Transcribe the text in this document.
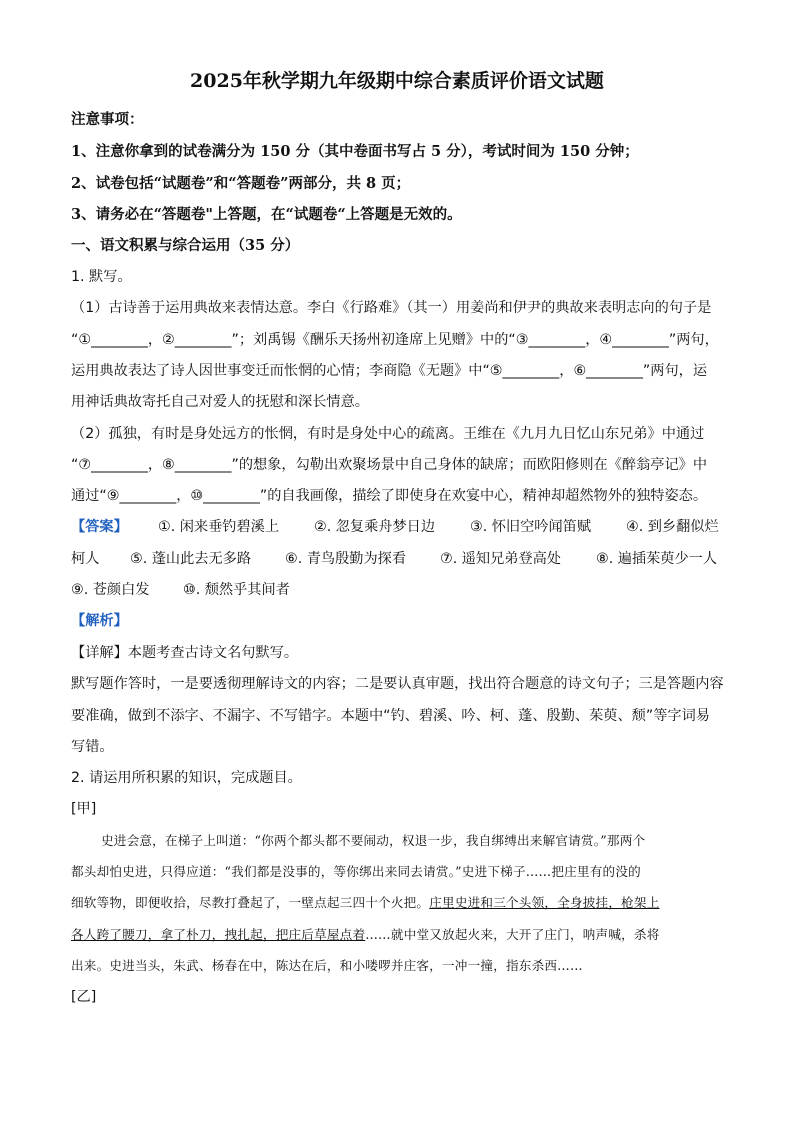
2025年秋学期九年级期中综合素质评价语文试题
注意事项：
1、注意你拿到的试卷满分为 150 分（其中卷面书写占 5 分），考试时间为 150 分钟；
2、试卷包括“试题卷”和“答题卷”两部分，共 8 页；
3、请务必在“答题卷"上答题，在“试题卷“上答题是无效的。
一、语文积累与综合运用（35 分）
1. 默写。
（1）古诗善于运用典故来表情达意。李白《行路难》（其一）用姜尚和伊尹的典故来表明志向的句子是
“①________，②________”；刘禹锡《酬乐天扬州初逢席上见赠》中的“③________，④________”两句，
运用典故表达了诗人因世事变迁而怅惘的心情；李商隐《无题》中“⑤________，⑥________”两句，运
用神话典故寄托自己对爱人的抚慰和深长情意。
（2）孤独，有时是身处远方的怅惘，有时是身处中心的疏离。王维在《九月九日忆山东兄弟》中通过
“⑦________，⑧________”的想象，勾勒出欢聚场景中自己身体的缺席；而欧阳修则在《醉翁亭记》中
通过“⑨________，⑩________”的自我画像，描绘了即使身在欢宴中心，精神却超然物外的独特姿态。
【答案】 ①. 闲来垂钓碧溪上 ②. 忽复乘舟梦日边 ③. 怀旧空吟闻笛赋 ④. 到乡翻似烂
柯人 ⑤. 蓬山此去无多路 ⑥. 青鸟殷勤为探看 ⑦. 遥知兄弟登高处 ⑧. 遍插茱萸少一人
⑨. 苍颜白发 ⑩. 颓然乎其间者
【解析】
【详解】本题考查古诗文名句默写。
默写题作答时，一是要透彻理解诗文的内容；二是要认真审题，找出符合题意的诗文句子；三是答题内容
要准确，做到不添字、不漏字、不写错字。本题中“钓、碧溪、吟、柯、蓬、殷勤、茱萸、颓”等字词易
写错。
2. 请运用所积累的知识，完成题目。
[甲]
史进会意，在梯子上叫道：“你两个都头都不要闹动，权退一步，我自绑缚出来解官请赏。”那两个
都头却怕史进，只得应道：“我们都是没事的，等你绑出来同去请赏。”史进下梯子……把庄里有的没的
细软等物，即便收拾，尽教打叠起了，一壁点起三四十个火把。庄里史进和三个头领，全身披挂，枪架上
各人跨了腰刀，拿了朴刀，拽扎起，把庄后草屋点着……就中堂又放起火来，大开了庄门，呐声喊，杀将
出来。史进当头，朱武、杨春在中，陈达在后，和小喽啰并庄客，一冲一撞，指东杀西……
[乙]
